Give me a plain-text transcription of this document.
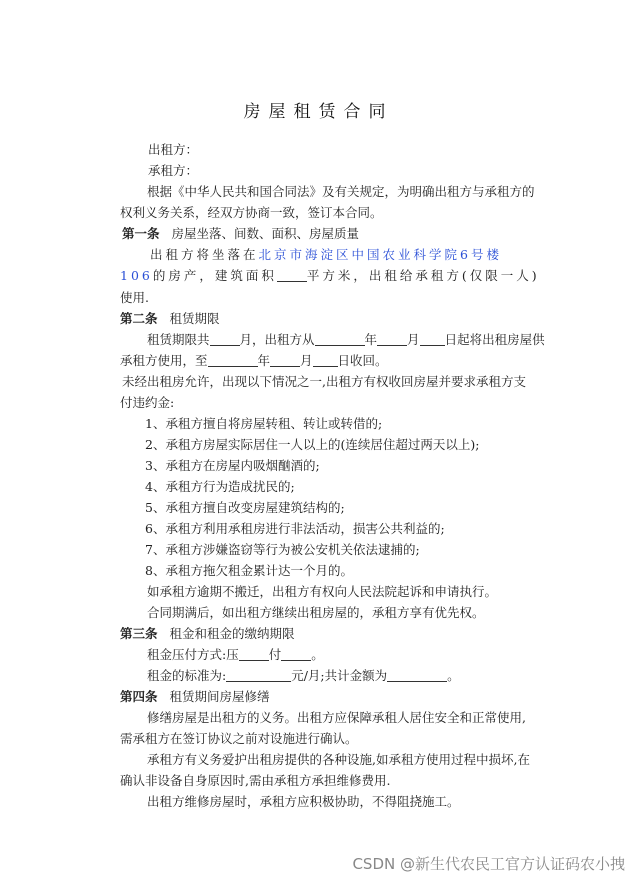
房屋租赁合同
出租方：
承租方：
根据《中华人民共和国合同法》及有关规定，为明确出租方与承租方的
权利义务关系，经双方协商一致，签订本合同。
第一条 房屋坐落、间数、面积、房屋质量
出租方将坐落在北京市海淀区中国农业科学院6号楼
106的房产，建筑面积 平方米，出租给承租方(仅限一人)
使用.
第二条 租赁期限
租赁期限共 月，出租方从	年 月 日起将出租房屋供
承租方使用，至	年 月 日收回。
未经出租房允许，出现以下情况之一,出租方有权收回房屋并要求承租方支
付违约金:
1、承租方擅自将房屋转租、转让或转借的;
2、承租方房屋实际居住一人以上的(连续居住超过两天以上);
3、承租方在房屋内吸烟酗酒的;
4、承租方行为造成扰民的;
5、承租方擅自改变房屋建筑结构的;
6、承租方利用承租房进行非法活动，损害公共利益的;
7、承租方涉嫌盗窃等行为被公安机关依法逮捕的;
8、承租方拖欠租金累计达一个月的。
如承租方逾期不搬迁，出租方有权向人民法院起诉和申请执行。
合同期满后，如出租方继续出租房屋的，承租方享有优先权。
第三条 租金和租金的缴纳期限
租金压付方式:压 付 。
租金的标准为:	元/月;共计金额为	。
第四条 租赁期间房屋修缮
修缮房屋是出租方的义务。出租方应保障承租人居住安全和正常使用,
需承租方在签订协议之前对设施进行确认。
承租方有义务爱护出租房提供的各种设施,如承租方使用过程中损坏,在
确认非设备自身原因时,需由承租方承担维修费用.
出租方维修房屋时，承租方应积极协助，不得阻挠施工。
CSDN @新生代农民工官方认证码农小拽
